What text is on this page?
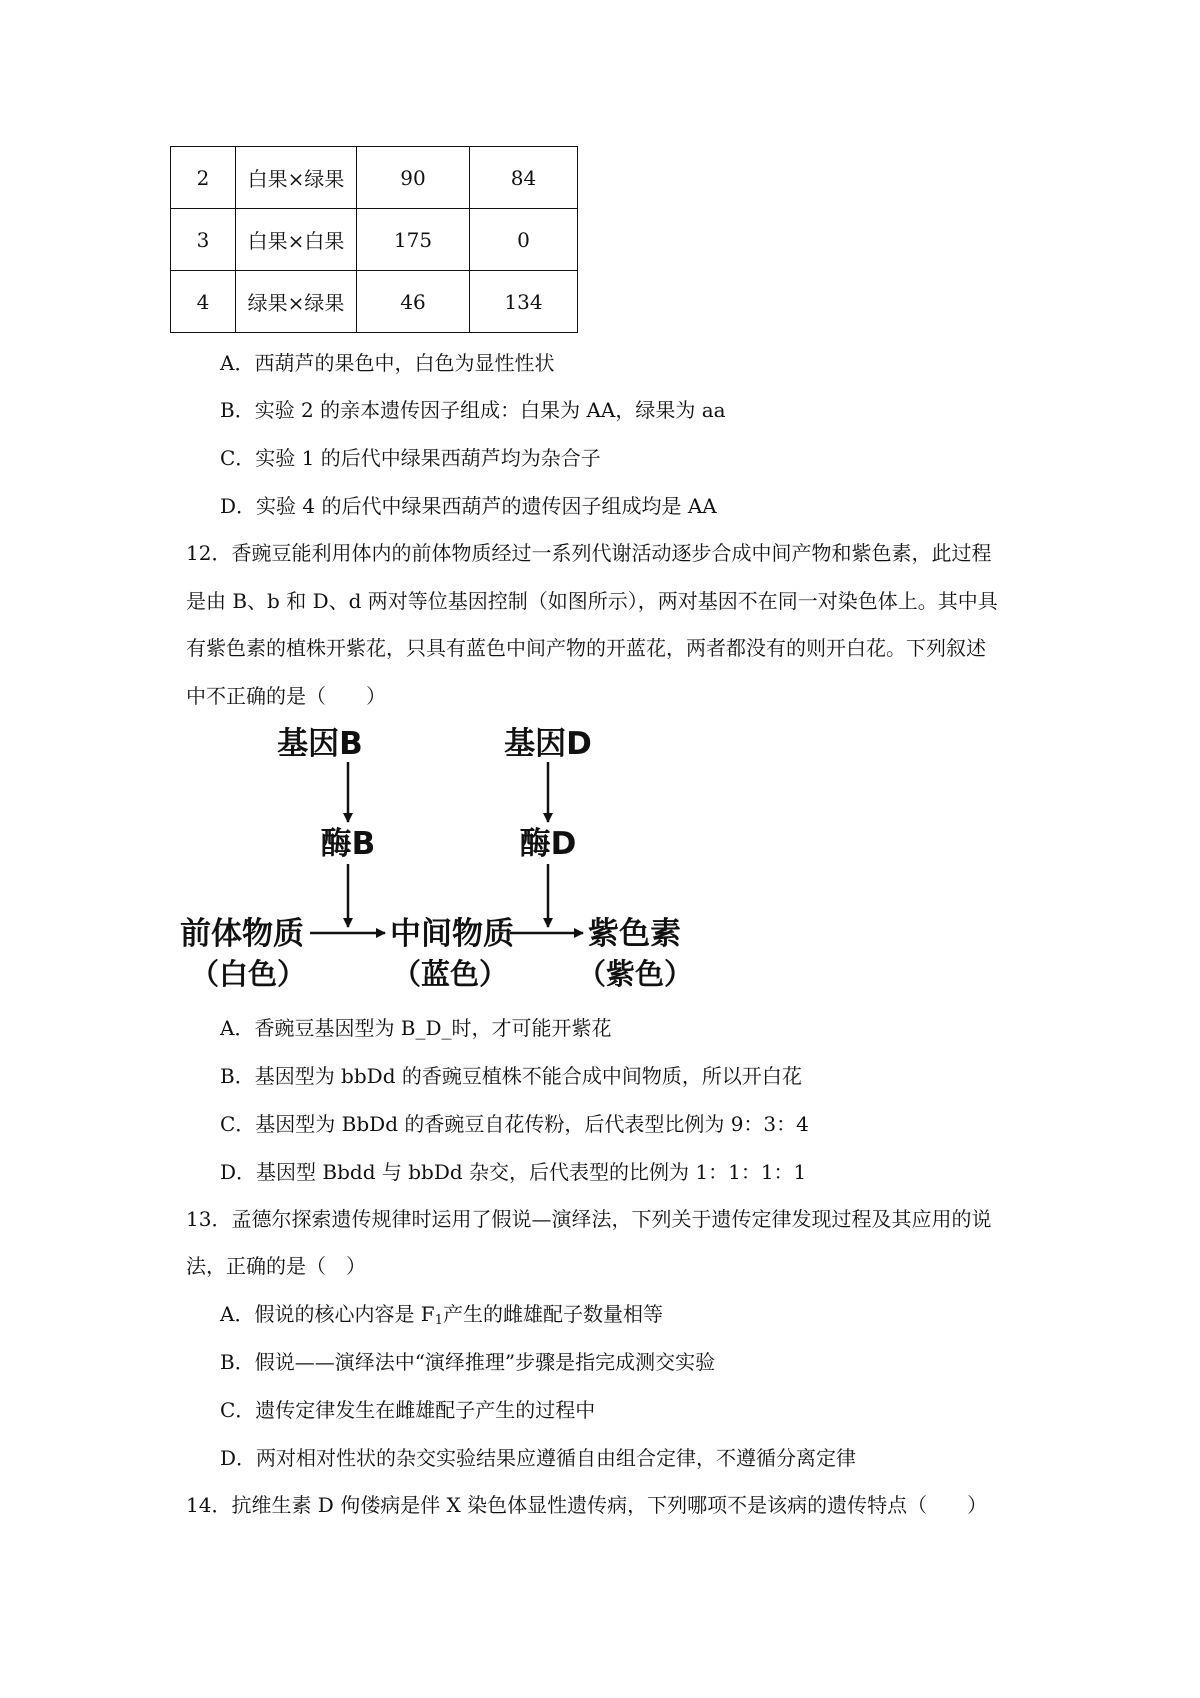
2	白果×绿果	90	84
3	白果×白果	175	0
4	绿果×绿果	46	134
A．西葫芦的果色中，白色为显性性状
B．实验 2 的亲本遗传因子组成：白果为 AA，绿果为 aa
C．实验 1 的后代中绿果西葫芦均为杂合子
D．实验 4 的后代中绿果西葫芦的遗传因子组成均是 AA
12．香豌豆能利用体内的前体物质经过一系列代谢活动逐步合成中间产物和紫色素，此过程
是由 B、b 和 D、d 两对等位基因控制（如图所示），两对基因不在同一对染色体上。其中具
有紫色素的植株开紫花，只具有蓝色中间产物的开蓝花，两者都没有的则开白花。下列叙述
中不正确的是（　　）
基因B	基因D
酶B	酶D
前体物质	中间物质 紫色素
（白色）	（蓝色） （紫色）
A．香豌豆基因型为 B_D_时，才可能开紫花
B．基因型为 bbDd 的香豌豆植株不能合成中间物质，所以开白花
C．基因型为 BbDd 的香豌豆自花传粉，后代表型比例为 9：3：4
D．基因型 Bbdd 与 bbDd 杂交，后代表型的比例为 1：1：1：1
13．孟德尔探索遗传规律时运用了假说—演绎法，下列关于遗传定律发现过程及其应用的说
法，正确的是（　）
A．假说的核心内容是 $F_1$产生的雌雄配子数量相等
B．假说——演绎法中“演绎推理”步骤是指完成测交实验
C．遗传定律发生在雌雄配子产生的过程中
D．两对相对性状的杂交实验结果应遵循自由组合定律，不遵循分离定律
14．抗维生素 D 佝偻病是伴 X 染色体显性遗传病，下列哪项不是该病的遗传特点（　　）
